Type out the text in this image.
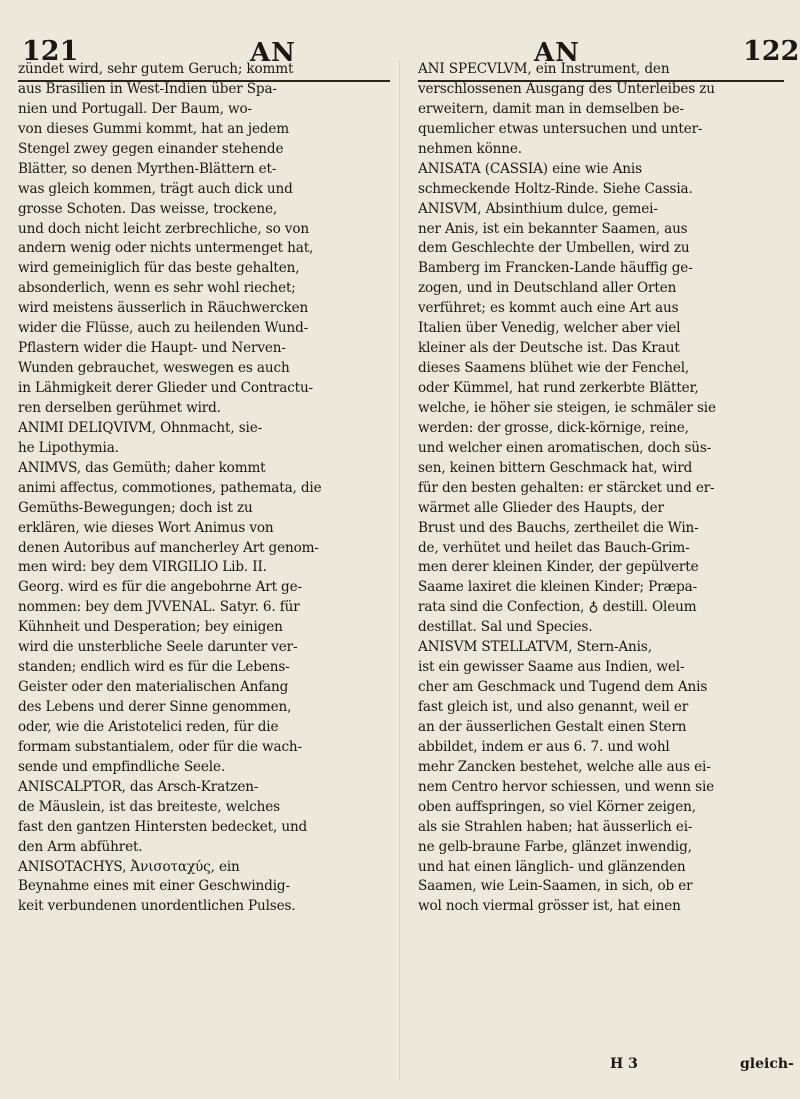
121	AN	AN	122
zündet wird, sehr gutem Geruch; kommt
aus Brasilien in West-Indien über Spa-
nien und Portugall. Der Baum, wo-
von dieses Gummi kommt, hat an jedem
Stengel zwey gegen einander stehende
Blätter, so denen Myrthen-Blättern et-
was gleich kommen, trägt auch dick und
grosse Schoten. Das weisse, trockene,
und doch nicht leicht zerbrechliche, so von
andern wenig oder nichts untermenget hat,
wird gemeiniglich für das beste gehalten,
absonderlich, wenn es sehr wohl riechet;
wird meistens äusserlich in Räuchwercken
wider die Flüsse, auch zu heilenden Wund-
Pflastern wider die Haupt- und Nerven-
Wunden gebrauchet, weswegen es auch
in Lähmigkeit derer Glieder und Contractu-
ren derselben gerühmet wird.
ANIMI DELIQVIVM, Ohnmacht, sie-
he Lipothymia.
ANIMVS, das Gemüth; daher kommt
animi affectus, commotiones, pathemata, die
Gemüths-Bewegungen; doch ist zu
erklären, wie dieses Wort Animus von
denen Autoribus auf mancherley Art genom-
men wird: bey dem VIRGILIO Lib. II.
Georg. wird es für die angebohrne Art ge-
nommen: bey dem JVVENAL. Satyr. 6. für
Kühnheit und Desperation; bey einigen
wird die unsterbliche Seele darunter ver-
standen; endlich wird es für die Lebens-
Geister oder den materialischen Anfang
des Lebens und derer Sinne genommen,
oder, wie die Aristotelici reden, für die
formam substantialem, oder für die wach-
sende und empfindliche Seele.
ANISCALPTOR, das Arsch-Kratzen-
de Mäuslein, ist das breiteste, welches
fast den gantzen Hintersten bedecket, und
den Arm abführet.
ANISOTACHYS, Ἀνισοταχύς, ein
Beynahme eines mit einer Geschwindig-
keit verbundenen unordentlichen Pulses.
ANI SPECVLVM, ein Instrument, den
verschlossenen Ausgang des Unterleibes zu
erweitern, damit man in demselben be-
quemlicher etwas untersuchen und unter-
nehmen könne.
ANISATA (CASSIA) eine wie Anis
schmeckende Holtz-Rinde. Siehe Cassia.
ANISVM, Absinthium dulce, gemei-
ner Anis, ist ein bekannter Saamen, aus
dem Geschlechte der Umbellen, wird zu
Bamberg im Francken-Lande häuffig ge-
zogen, und in Deutschland aller Orten
verführet; es kommt auch eine Art aus
Italien über Venedig, welcher aber viel
kleiner als der Deutsche ist. Das Kraut
dieses Saamens blühet wie der Fenchel,
oder Kümmel, hat rund zerkerbte Blätter,
welche, ie höher sie steigen, ie schmäler sie
werden: der grosse, dick-körnige, reine,
und welcher einen aromatischen, doch süs-
sen, keinen bittern Geschmack hat, wird
für den besten gehalten: er stärcket und er-
wärmet alle Glieder des Haupts, der
Brust und des Bauchs, zertheilet die Win-
de, verhütet und heilet das Bauch-Grim-
men derer kleinen Kinder, der gepülverte
Saame laxiret die kleinen Kinder; Præpa-
rata sind die Confection, ♁ destill. Oleum
destillat. Sal und Species.
ANISVM STELLATVM, Stern-Anis,
ist ein gewisser Saame aus Indien, wel-
cher am Geschmack und Tugend dem Anis
fast gleich ist, und also genannt, weil er
an der äusserlichen Gestalt einen Stern
abbildet, indem er aus 6. 7. und wohl
mehr Zancken bestehet, welche alle aus ei-
nem Centro hervor schiessen, und wenn sie
oben auffspringen, so viel Körner zeigen,
als sie Strahlen haben; hat äusserlich ei-
ne gelb-braune Farbe, glänzet inwendig,
und hat einen länglich- und glänzenden
Saamen, wie Lein-Saamen, in sich, ob er
wol noch viermal grösser ist, hat einen
H 3	gleich-
